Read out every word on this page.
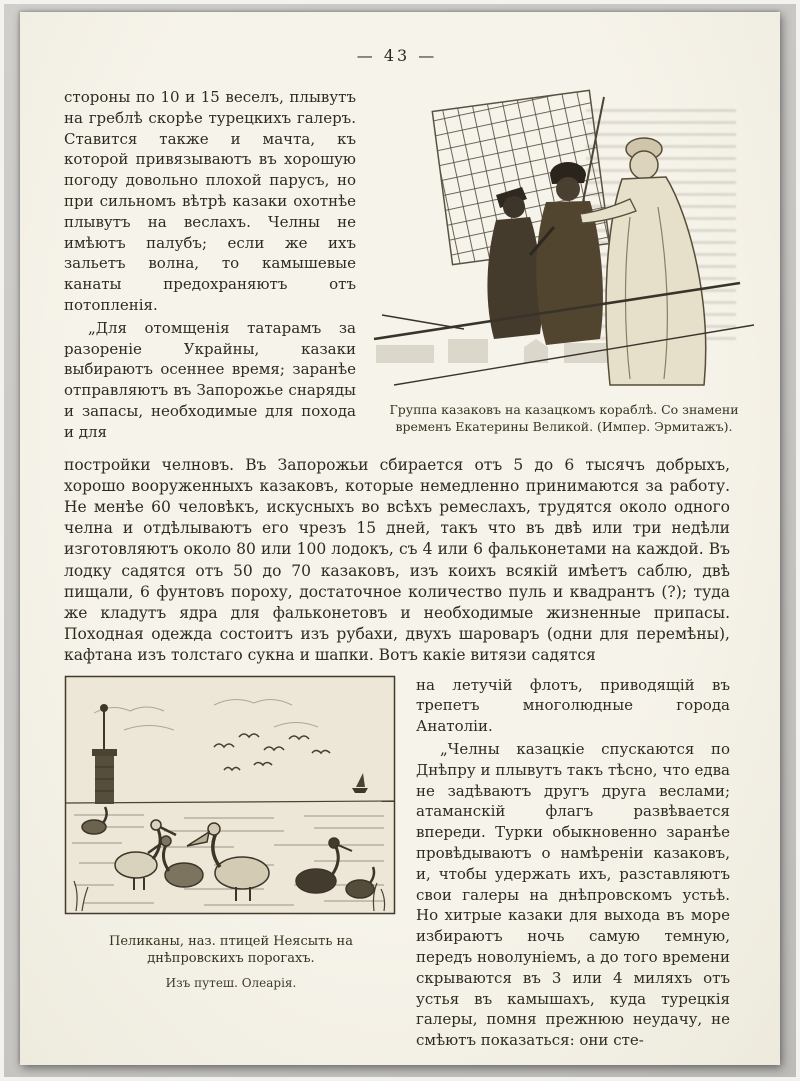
— 43 —

стороны по 10 и 15 веселъ, плывутъ на греблѣ скорѣе турецкихъ галеръ. Ставится также и мачта, къ которой привязываютъ въ хорошую погоду довольно плохой парусъ, но при сильномъ вѣтрѣ казаки охотнѣе плывутъ на веслахъ. Челны не имѣютъ палубъ; если же ихъ зальетъ волна, то камышевые канаты предохраняютъ отъ потопленія.

„Для отомщенія татарамъ за разореніе Украйны, казаки выбираютъ осеннее время; заранѣе отправляютъ въ Запорожье снаряды и запасы, необходимые для похода и для

Группа казаковъ на казацкомъ кораблѣ. Со знамени временъ Екатерины Великой. (Импер. Эрмитажъ).

постройки челновъ. Въ Запорожьи сбирается отъ 5 до 6 тысячъ добрыхъ, хорошо вооруженныхъ казаковъ, которые немедленно принимаются за работу. Не менѣе 60 человѣкъ, искусныхъ во всѣхъ ремеслахъ, трудятся около одного челна и отдѣлываютъ его чрезъ 15 дней, такъ что въ двѣ или три недѣли изготовляютъ около 80 или 100 лодокъ, съ 4 или 6 фальконетами на каждой. Въ лодку садятся отъ 50 до 70 казаковъ, изъ коихъ всякій имѣетъ саблю, двѣ пищали, 6 фунтовъ пороху, достаточное количество пуль и квадрантъ (?); туда же кладутъ ядра для фальконетовъ и необходимые жизненные припасы. Походная одежда состоитъ изъ рубахи, двухъ шароваръ (одни для перемѣны), кафтана изъ толстаго сукна и шапки. Вотъ какіе витязи садятся

Пеликаны, наз. птицей Неясыть на днѣпровскихъ порогахъ.
Изъ путеш. Олеарія.

на летучій флотъ, приводящій въ трепетъ многолюдные города Анатоліи.

„Челны казацкіе спускаются по Днѣпру и плывутъ такъ тѣсно, что едва не задѣваютъ другъ друга веслами; атаманскій флагъ развѣвается впереди. Турки обыкновенно заранѣе провѣдываютъ о намѣреніи казаковъ, и, чтобы удержать ихъ, разставляютъ свои галеры на днѣпровскомъ устьѣ. Но хитрые казаки для выхода въ море избираютъ ночь самую темную, передъ новолуніемъ, а до того времени скрываются въ 3 или 4 миляхъ отъ устья въ камышахъ, куда турецкія галеры, помня прежнюю неудачу, не смѣютъ показаться: они сте-
